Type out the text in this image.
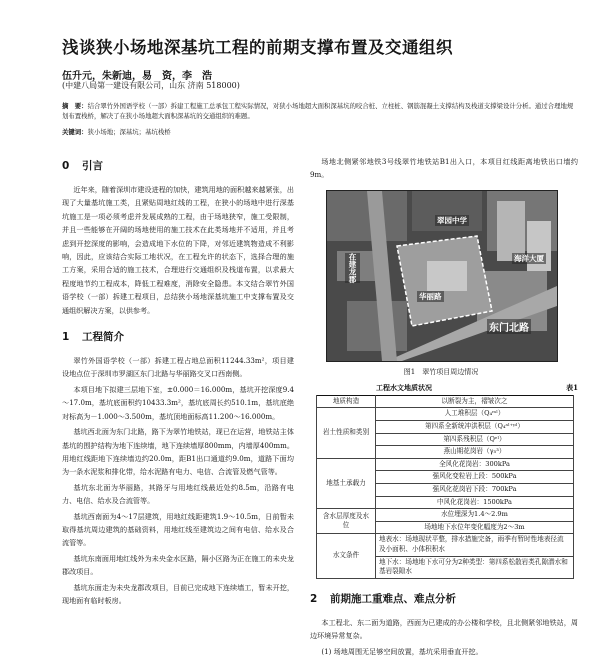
浅谈狭小场地深基坑工程的前期支撑布置及交通组织

伍升元，朱新迪，易　资，李　浩

(中建八局第一建设有限公司，山东 济南 518000)

摘　要：结合翠竹外国语学校（一部）拆建工程施工总承包工程实际情况，对狭小场地超大面积深基坑的咬合桩、立柱桩、钢筋混凝土支撑结构及栈道支撑梁设计分析。通过合理地规划布置栈桥，解决了在狭小场地超大面积深基坑的交通组织的难题。

关键词：狭小场地；深基坑；基坑栈桥

0 引言

近年来，随着深圳市建设进程的加快，建筑用地的面积越来越紧张，出现了大量基坑施工类，且紧贴周地红线的工程，在狭小的场地中进行深基坑施工是一项必须考虑并发展成熟的工程，由于场地狭窄，施工受限制，并且一些能够在开阔的场地使用的施工技术在此类场地并不适用，并且考虑到开挖深度的影响，会造成地下水位的下降，对邻近建筑物造成不利影响，因此，应该结合实际工地状况，在工程允许的状态下，选择合理的施工方案，采用合适的施工技术，合理进行交通组织及栈道布置，以求最大程度地节约工程成本，降低工程难度，消除安全隐患。本文结合翠竹外国语学校（一部）拆建工程项目，总结狭小场地深基坑施工中支撑布置及交通组织解决方案，以供参考。

1 工程简介

翠竹外国语学校（一部）拆建工程占地总面积11244.33m²，项目建设地点位于深圳市罗湖区东门北路与华丽路交叉口西南侧。

本项目地下拟建三层地下室，±0.000＝16.000m，基坑开挖深度9.4～17.0m，基坑底面积约10433.3m²，基坑底周长约510.1m，基坑底绝对标高为－1.000～3.500m，基坑顶地面标高11.200～16.000m。

基坑西北面为东门北路，路下为翠竹地铁站，现已在运营，地铁站主体基坑的围护结构为地下连续墙，地下连续墙厚800mm，内墙厚400mm。用地红线距地下连续墙边约20.0m，距B1出口通道约9.0m，道路下面均为一条水泥浆和排化带，给水泥路有电力、电信、合流管及燃气管等。

基坑东北面为华丽路，其路牙与用地红线最近处约8.5m，沿路有电力、电信、给水及合流管等。

基坑西南面为4～17层建筑，用地红线距建筑1.9～10.5m，日前暂未取得基坑周边建筑的基础资料，用地红线至建筑边之间有电信、给水及合流管等。

基坑东南面用地红线外为未央金水区路，隔小区路为正在施工的未央龙郡改项目。

基坑东面走为未央龙郡改项目，目前已完成地下连续墙工，暂未开挖，现地面有临时板房。

场地北侧紧邻地铁3号线翠竹地铁站B1出入口，本项目红线距离地铁出口墙约9m。

翠园中学
在建龙郡	海洋大厦
华丽路
东门北路

图1　翠竹项目周边情况

工程水文地质状况	表1
地质构造	以断裂为主，褶皱次之
岩土性质和类别	人工堆积层（Q₄ᵐˡ）
	第四系全新统冲洪积层（Q₄ᵃˡ⁺ᵖˡ）
	第四系残积层（Qᵉˡ）
	燕山期花岗岩（γ₅³）
地基土承载力	全风化花岗岩：300kPa
	强风化变粒岩上段：500kPa
	强风化花岗岩下段：700kPa
	中风化花岗岩：1500kPa
含水层厚度及水位	水位埋深为1.4～2.9m
	场地地下水位年变化幅度为2～3m
水文条件	地表水：场地现状平整，排水措施完备，雨季有暂时性地表径流及小面积、小体积积水
	地下水：场地地下水可分为2种类型：第四系松散岩类孔隙潜水和基岩裂隙水
2 前期施工重难点、难点分析

本工程北、东二面为道路，西面为已建成的办公楼和学校，且北侧紧邻地铁站，周边环境异常复杂。

(1) 场地周围无足够空间放置，基坑采用垂直开挖。
